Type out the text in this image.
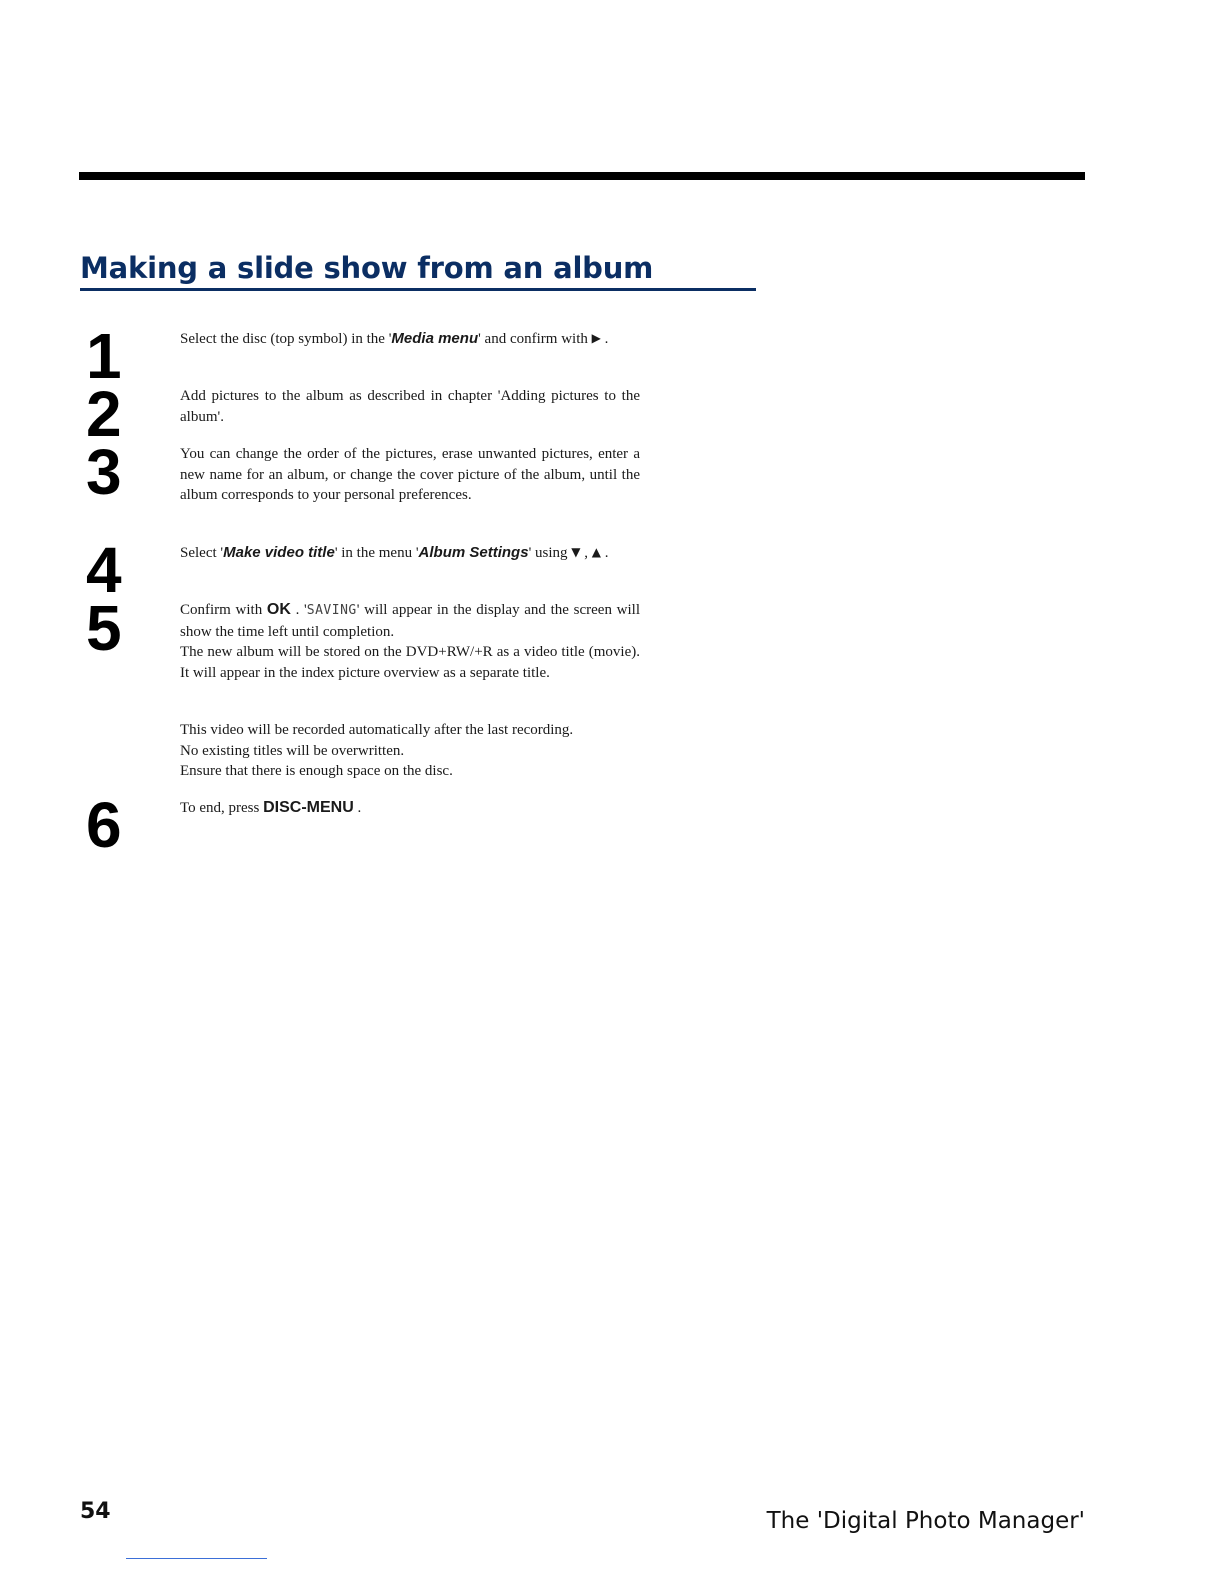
Making a slide show from an album
1
2
3
4
5
6

Select the disc (top symbol) in the 'Media menu' and confirm with ▶ .

Add pictures to the album as described in chapter 'Adding pictures to the album'.

You can change the order of the pictures, erase unwanted pictures, enter a new name for an album, or change the cover picture of the album, until the album corresponds to your personal preferences.

Select 'Make video title' in the menu 'Album Settings' using ▼ , ▲ .

Confirm with OK . 'SAVING' will appear in the display and the screen will show the time left until completion.
The new album will be stored on the DVD+RW/+R as a video title (movie). It will appear in the index picture overview as a separate title.

This video will be recorded automatically after the last recording.
No existing titles will be overwritten.
Ensure that there is enough space on the disc.

To end, press DISC-MENU .

54	The 'Digital Photo Manager'
